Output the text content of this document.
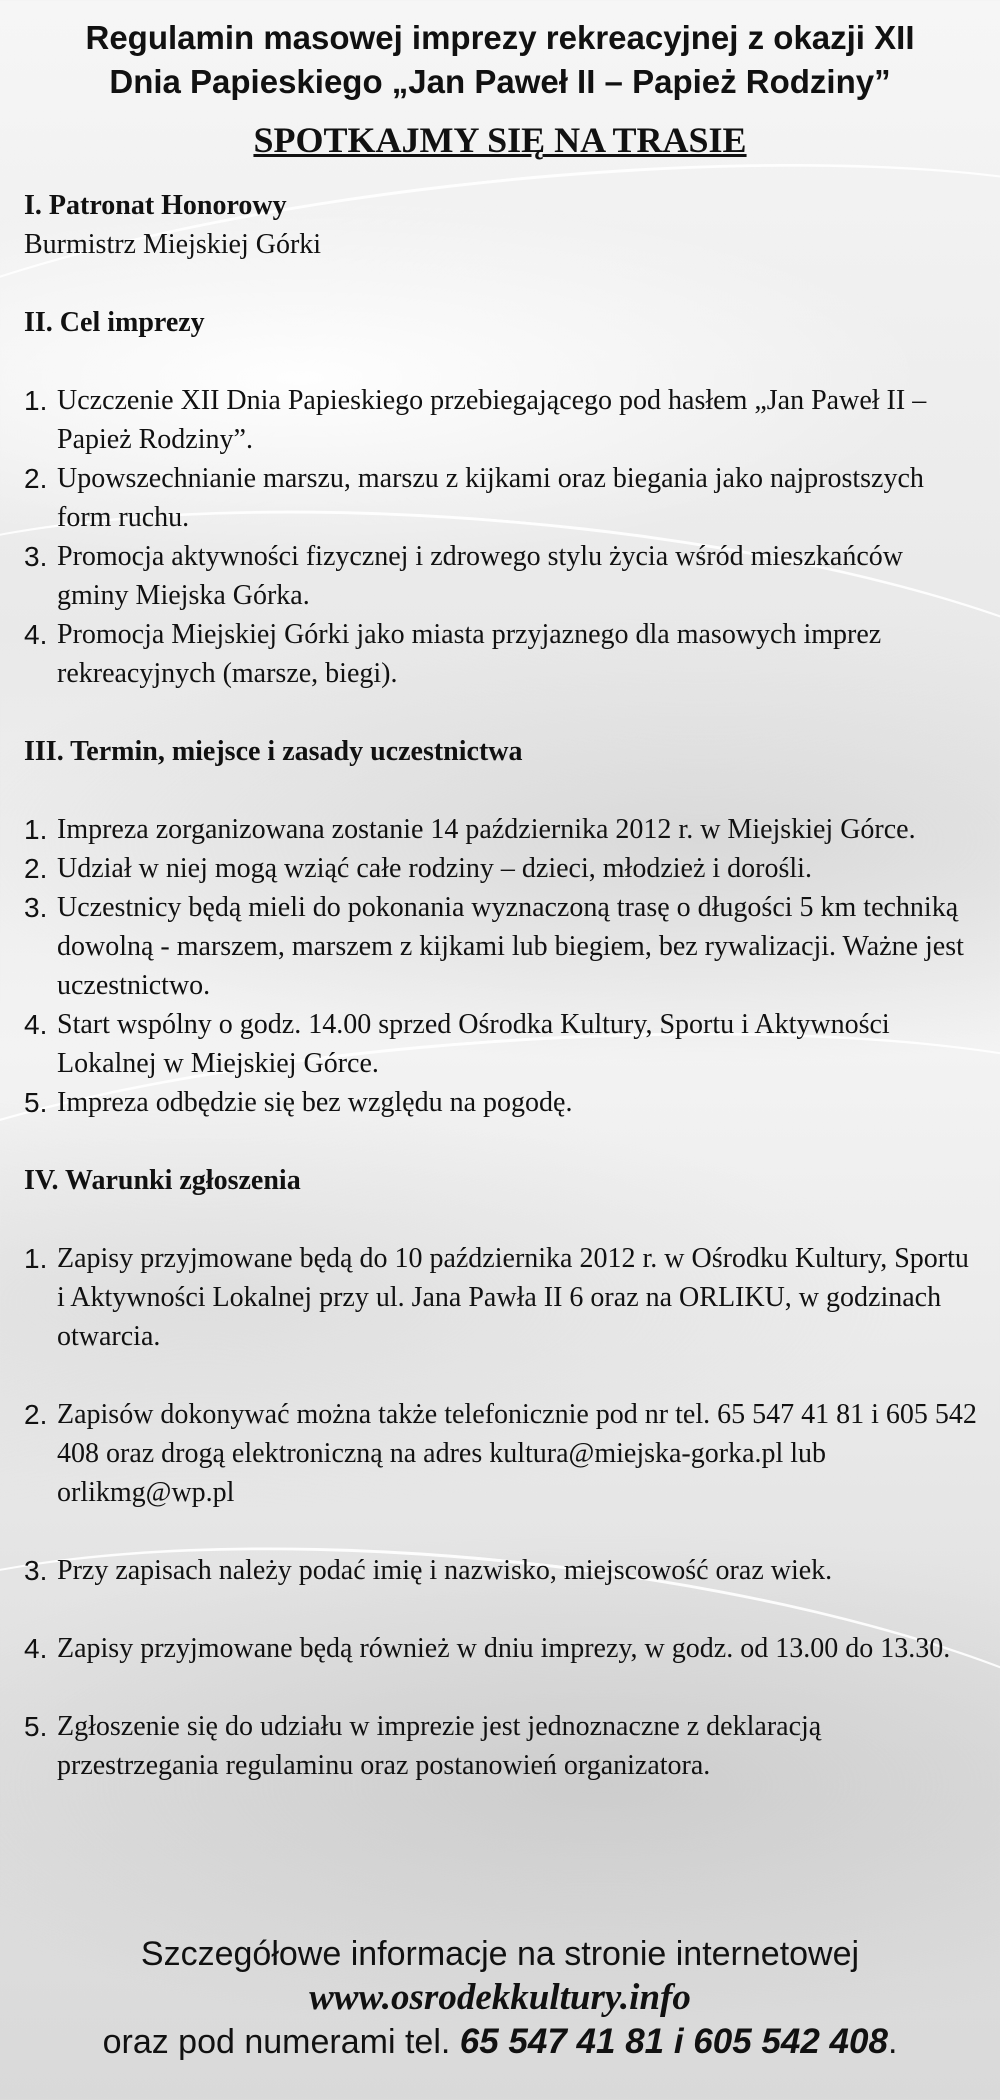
Regulamin masowej imprezy rekreacyjnej z okazji XII
Dnia Papieskiego „Jan Paweł II – Papież Rodziny”
SPOTKAJMY SIĘ NA TRASIE

I. Patronat Honorowy

Burmistrz Miejskiej Górki

II. Cel imprezy

1. Uczczenie XII Dnia Papieskiego przebiegającego pod hasłem „Jan Paweł II – Papież Rodziny”.
2. Upowszechnianie marszu, marszu z kijkami oraz biegania jako najprostszych form ruchu.
3. Promocja aktywności fizycznej i zdrowego stylu życia wśród mieszkańców gminy Miejska Górka.
4. Promocja Miejskiej Górki jako miasta przyjaznego dla masowych imprez rekreacyjnych (marsze, biegi).

III. Termin, miejsce i zasady uczestnictwa

1. Impreza zorganizowana zostanie 14 października 2012 r. w Miejskiej Górce.
2. Udział w niej mogą wziąć całe rodziny – dzieci, młodzież i dorośli.
3. Uczestnicy będą mieli do pokonania wyznaczoną trasę o długości 5 km techniką dowolną - marszem, marszem z kijkami lub biegiem, bez rywalizacji. Ważne jest uczestnictwo.
4. Start wspólny o godz. 14.00 sprzed Ośrodka Kultury, Sportu i Aktywności Lokalnej w Miejskiej Górce.
5. Impreza odbędzie się bez względu na pogodę.

IV. Warunki zgłoszenia

1. Zapisy przyjmowane będą do 10 października 2012 r. w Ośrodku Kultury, Sportu i Aktywności Lokalnej przy ul. Jana Pawła II 6 oraz na ORLIKU, w godzinach otwarcia.
2. Zapisów dokonywać można także telefonicznie pod nr tel. 65 547 41 81 i 605 542 408 oraz drogą elektroniczną na adres kultura@miejska-gorka.pl lub orlikmg@wp.pl
3. Przy zapisach należy podać imię i nazwisko, miejscowość oraz wiek.
4. Zapisy przyjmowane będą również w dniu imprezy, w godz. od 13.00 do 13.30.
5. Zgłoszenie się do udziału w imprezie jest jednoznaczne z deklaracją przestrzegania regulaminu oraz postanowień organizatora.
Szczegółowe informacje na stronie internetowej
www.osrodekkultury.info
oraz pod numerami tel. 65 547 41 81 i 605 542 408.
